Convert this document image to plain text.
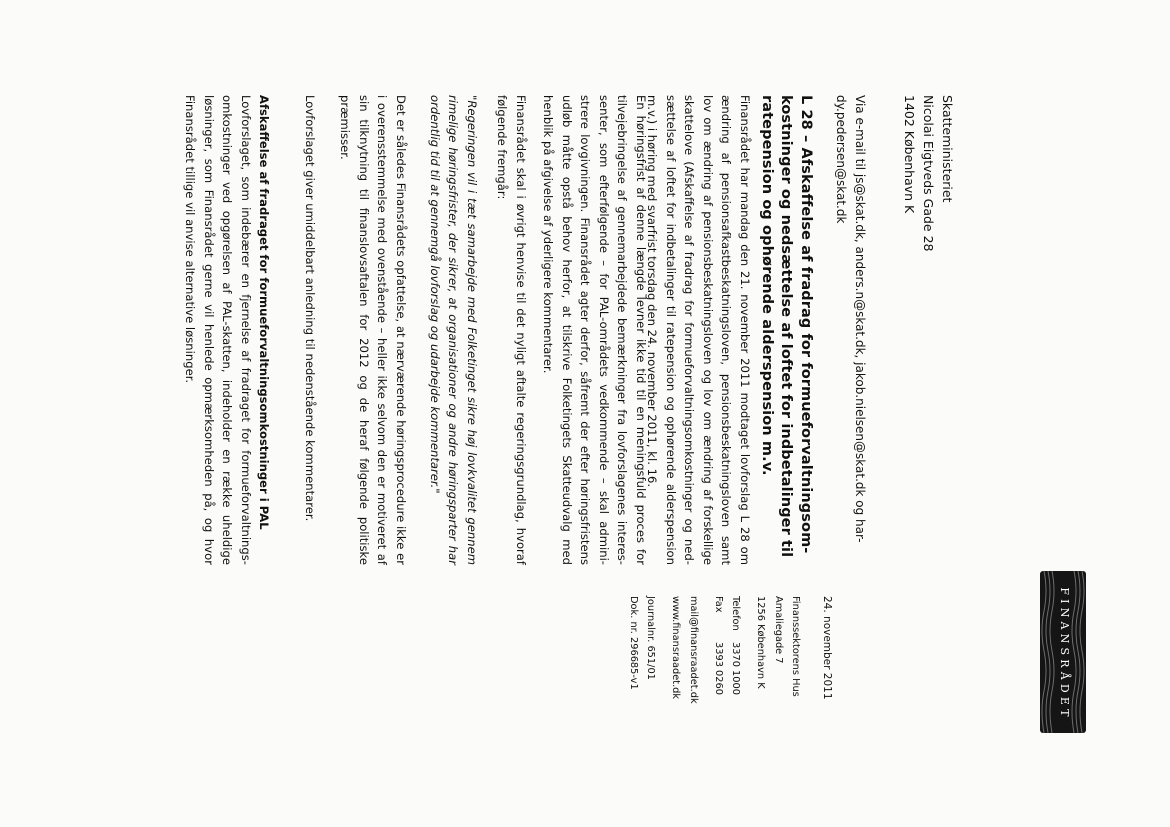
FINANSRÅDET
Skatteministeriet
Nicolai Eigtveds Gade 28
1402 København K
Via e-mail til js@skat.dk, anders.n@skat.dk, jakob.nielsen@skat.dk og har-dy.pedersen@skat.dk
L 28 – Afskaffelse af fradrag for formueforvaltningsom-kostninger og nedsættelse af loftet for indbetalinger til ratepension og ophørende alderspension m.v.
Finansrådet har mandag den 21. november 2011 modtaget lovforslag L 28 om ændring af pensionsafkastbeskatningsloven, pensionsbeskatningsloven samt lov om ændring af pensionsbeskatningsloven og lov om ændring af forskellige skattelove (Afskaffelse af fradrag for formueforvaltningsomkostninger og ned-sættelse af loftet for indbetalinger til ratepension og ophørende alderspension m.v.) i høring med svarfrist torsdag den 24. november 2011, kl. 16.
En høringsfrist af denne længde levner ikke tid til en meningsfuld proces for tilvejebringelse af gennemarbejdede bemærkninger fra lovforslagenes interes-senter, som efterfølgende – for PAL-områdets vedkommende – skal admini-strere lovgivningen. Finansrådet agter derfor, såfremt der efter høringsfristens udløb måtte opstå behov herfor, at tilskrive Folketingets Skatteudvalg med henblik på afgivelse af yderligere kommentarer.
Finansrådet skal i øvrigt henvise til det nyligt aftalte regeringsgrundlag, hvoraf følgende fremgår:
"Regeringen vil i tæt samarbejde med Folketinget sikre høj lovkvalitet gennem rimelige høringsfrister, der sikrer, at organisationer og andre høringsparter har ordentlig tid til at gennemgå lovforslag og udarbejde kommentarer."
Det er således Finansrådets opfattelse, at nærværende høringsprocedure ikke er i overensstemmelse med ovenstående – heller ikke selvom den er motiveret af sin tilknytning til finanslovsaftalen for 2012 og de heraf følgende politiske præmisser.
Lovforslaget giver umiddelbart anledning til nedenstående kommentarer.
Afskaffelse af fradraget for formueforvaltningsomkostninger i PAL
Lovforslaget, som indebærer en fjernelse af fradraget for formueforvaltnings-omkostninger ved opgørelsen af PAL-skatten, indeholder en række uheldige løsninger, som Finansrådet gerne vil henlede opmærksomheden på, og hvor Finansrådet tillige vil anvise alternative løsninger.
24. november 2011
Finanssektorens Hus
Amaliegade 7
1256 København K
Telefon3370 1000
Fax3393 0260
mail@finansraadet.dk
www.finansraadet.dk
Journalnr. 651/01
Dok. nr. 296685-v1
